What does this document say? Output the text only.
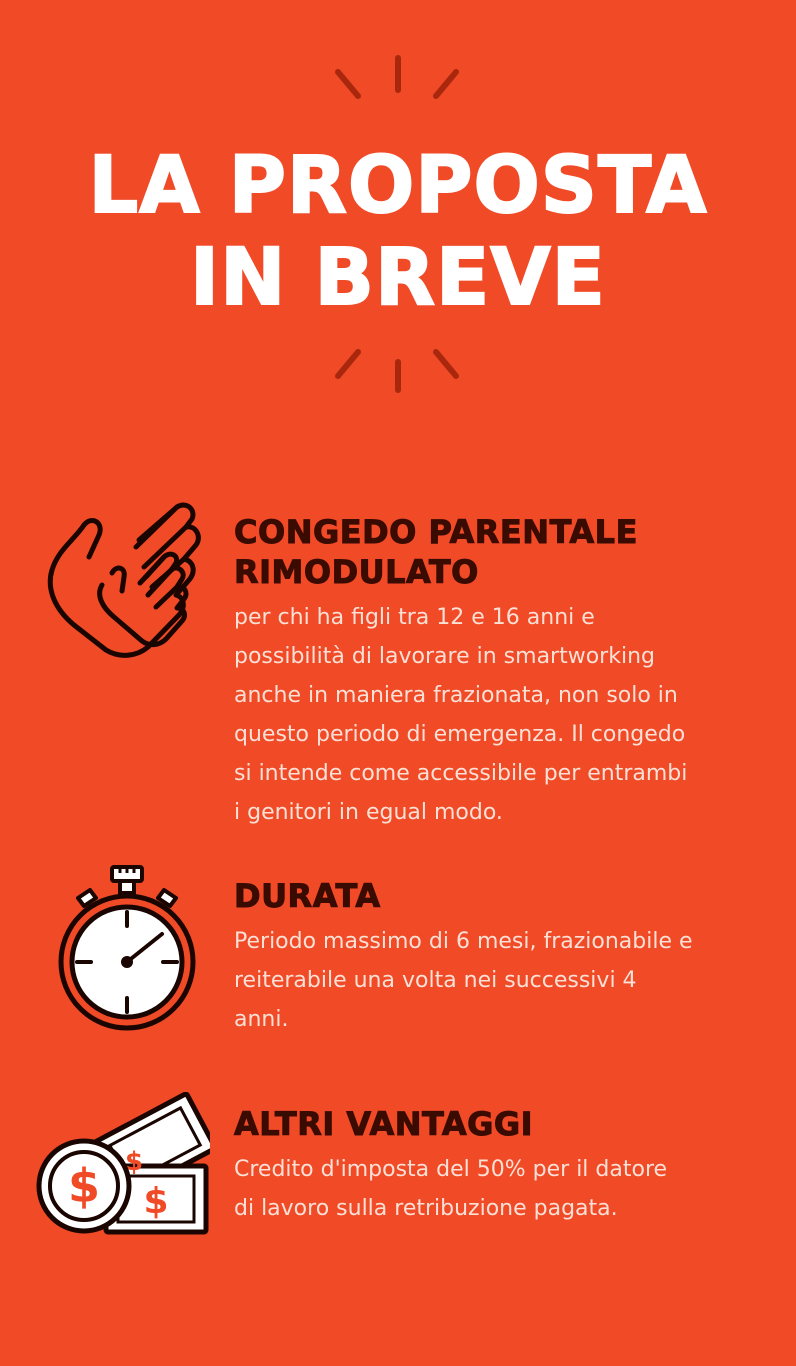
LA PROPOSTA
IN BREVE
CONGEDO PARENTALE
RIMODULATO
per chi ha figli tra 12 e 16 anni e
possibilità di lavorare in smartworking
anche in maniera frazionata, non solo in
questo periodo di emergenza. Il congedo
si intende come accessibile per entrambi
i genitori in egual modo.
DURATA
Periodo massimo di 6 mesi, frazionabile e
reiterabile una volta nei successivi 4
anni.
$
$
$
ALTRI VANTAGGI
Credito d'imposta del 50% per il datore
di lavoro sulla retribuzione pagata.
